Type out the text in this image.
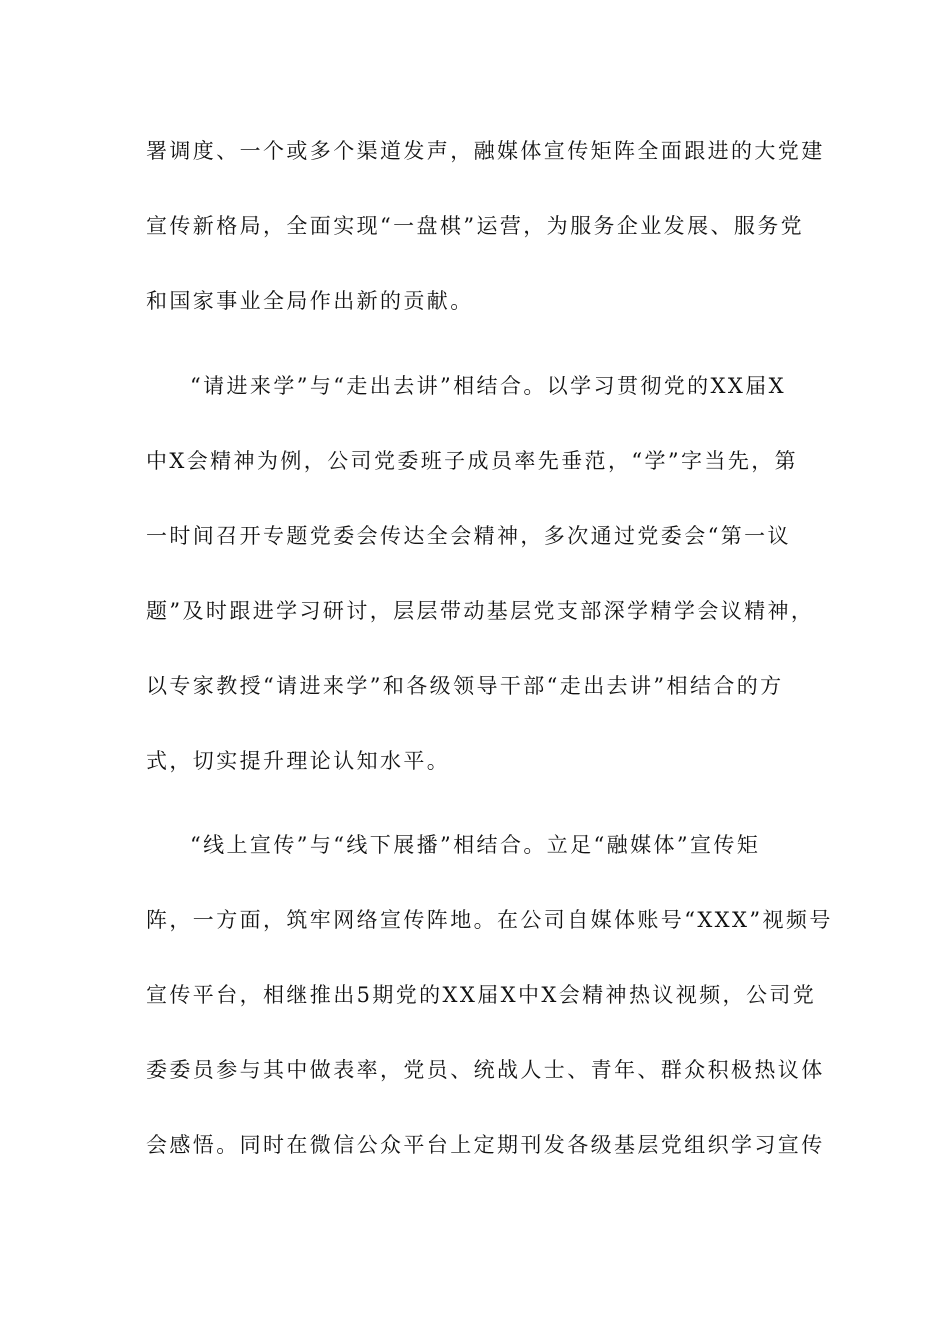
署调度、一个或多个渠道发声，融媒体宣传矩阵全面跟进的大党建
宣传新格局，全面实现“一盘棋”运营，为服务企业发展、服务党
和国家事业全局作出新的贡献。
“请进来学”与“走出去讲”相结合。以学习贯彻党的XX届X
中X会精神为例，公司党委班子成员率先垂范，“学”字当先，第
一时间召开专题党委会传达全会精神，多次通过党委会“第一议
题”及时跟进学习研讨，层层带动基层党支部深学精学会议精神，
以专家教授“请进来学”和各级领导干部“走出去讲”相结合的方
式，切实提升理论认知水平。
“线上宣传”与“线下展播”相结合。立足“融媒体”宣传矩
阵，一方面，筑牢网络宣传阵地。在公司自媒体账号“XXX”视频号
宣传平台，相继推出5期党的XX届X中X会精神热议视频，公司党
委委员参与其中做表率，党员、统战人士、青年、群众积极热议体
会感悟。同时在微信公众平台上定期刊发各级基层党组织学习宣传
